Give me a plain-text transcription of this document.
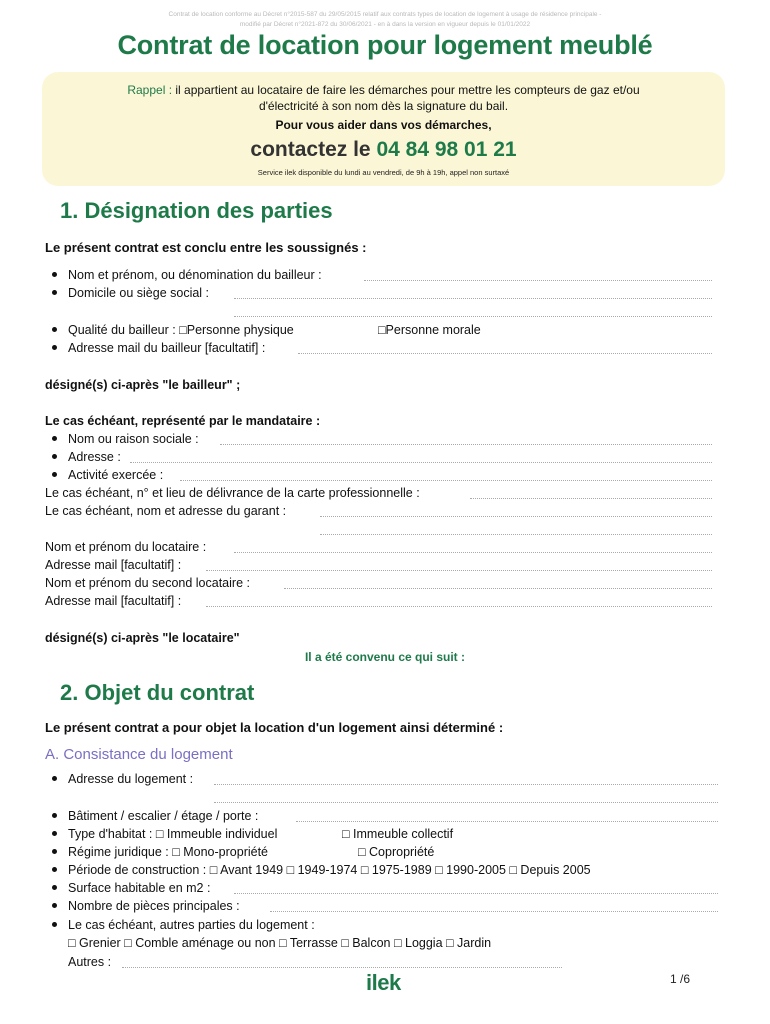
Contrat de location conforme au Décret n°2015-587 du 29/05/2015 relatif aux contrats types de location de logement à usage de résidence principale -
modifié par Décret n°2021-872 du 30/06/2021 - en à dans la version en vigueur depuis le 01/01/2022
Contrat de location pour logement meublé
Rappel : il appartient au locataire de faire les démarches pour mettre les compteurs de gaz et/ou d'électricité à son nom dès la signature du bail.
Pour vous aider dans vos démarches,
contactez le 04 84 98 01 21
Service ilek disponible du lundi au vendredi, de 9h à 19h, appel non surtaxé
1. Désignation des parties
Le présent contrat est conclu entre les soussignés :
Nom et prénom, ou dénomination du bailleur :
Domicile ou siège social :
Qualité du bailleur : □Personne physique	□Personne morale
Adresse mail du bailleur [facultatif] :
désigné(s) ci-après "le bailleur" ;
Le cas échéant, représenté par le mandataire :
Nom ou raison sociale :
Adresse :
Activité exercée :
Le cas échéant, n° et lieu de délivrance de la carte professionnelle :
Le cas échéant, nom et adresse du garant :
Nom et prénom du locataire :
Adresse mail [facultatif] :
Nom et prénom du second locataire :
Adresse mail [facultatif] :
désigné(s) ci-après "le locataire"
Il a été convenu ce qui suit :
2. Objet du contrat
Le présent contrat a pour objet la location d'un logement ainsi déterminé :
A. Consistance du logement
Adresse du logement :
Bâtiment / escalier / étage / porte :
Type d'habitat : □ Immeuble individuel	□ Immeuble collectif
Régime juridique : □ Mono-propriété	□ Copropriété
Période de construction : □ Avant 1949 □ 1949-1974 □ 1975-1989 □ 1990-2005 □ Depuis 2005
Surface habitable en m2 :
Nombre de pièces principales :
Le cas échéant, autres parties du logement :
□ Grenier □ Comble aménage ou non □ Terrasse □ Balcon □ Loggia □ Jardin
Autres :
ilek	1 /6
